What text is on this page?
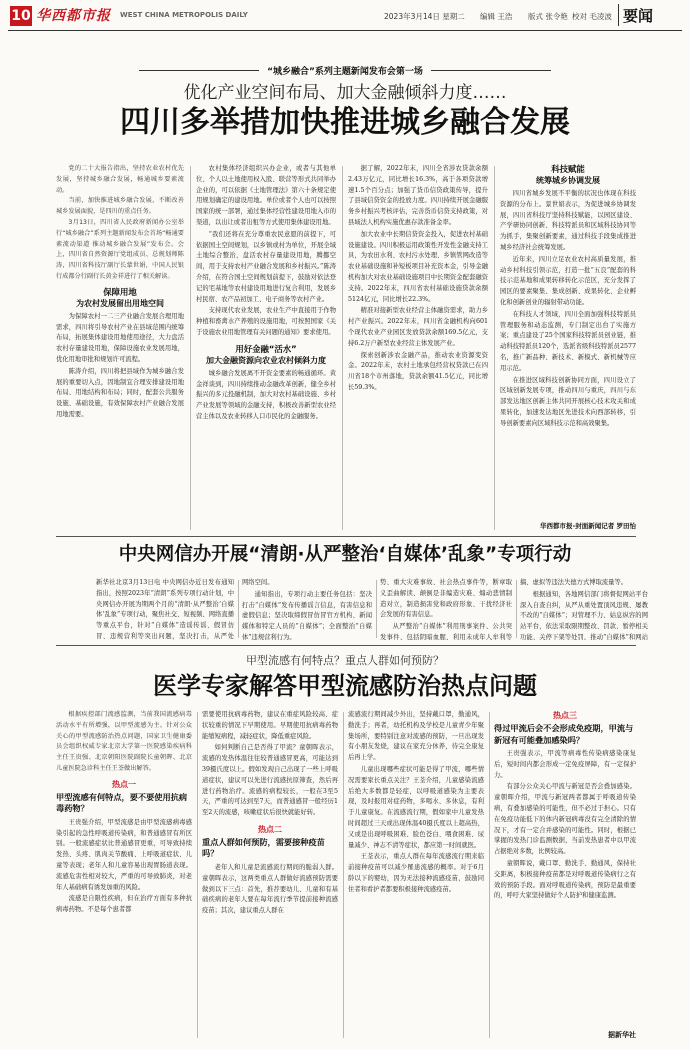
10 华西都市报 WEST CHINA METROPOLIS DAILY	2023年3月14日 星期二 编辑 王浩 版式 张令艳 校对 毛凌波 要闻
“城乡融合”系列主题新闻发布会第一场
优化产业空间布局、加大金融倾斜力度……
四川多举措加快推进城乡融合发展

党的二十大报告指出，坚持农业农村优先发展，坚持城乡融合发展，畅通城乡要素流动。

当前，加快推进城乡融合发展，不断改善城乡发展面貌，是四川的重点任务。

3月13日，四川省人民政府新闻办公室举行“城乡融合”系列主题新闻发布会首场“畅通要素流动渠道 推动城乡融合发展”发布会。会上，四川省自然资源厅党组成员、总规划师陈涛，四川省科技厅副厅长蒙世娟，中国人民银行成都分行副行长黄金祥进行了相关解读。

保障用地
为农村发展留出用地空间

为保障农村一二三产业融合发展合理用地需求，四川将引导农村产业在县域范围内统筹布局，拓展集体建设用地使用途径，大力盘活农村存量建设用地，保障设施农业发展用地，优化用地审批和规划许可流程。

陈涛介绍，四川将把县域作为城乡融合发展的重要切入点，因地制宜合理安排建设用地布局、用地结构和布局；同时，配套公共服务设施、基础设施，有效保障农村产业融合发展用地需要。

农村集体经济组织兴办企业，或者与其他单位、个人以土地使用权入股、联营等形式共同举办企业的，可以依据《土地管理法》第六十条规定使用规划确定的建设用地。单位或者个人也可以按照国家的统一部署，通过集体经营性建设用地入市的渠道，以出让或者出租等方式使用集体建设用地。

“我们还将在充分尊重农民意愿的前提下，可依据国土空间规划，以乡镇或村为单位，开展全域土地综合整治，盘活农村存量建设用地，腾挪空间，用于支持农村产业融合发展和乡村振兴。”陈涛介绍，在符合国土空间规划前提下，鼓励对依法登记的宅基地等农村建设用地进行复合利用，发展乡村民宿、农产品初加工、电子商务等农村产业。

支持现代农业发展，农业生产中直接用于作物种植和畜禽水产养殖的设施用地，可按照国家《关于设施农业用地管理有关问题的通知》要求使用。

用好金融“活水”
加大金融资源向农业农村倾斜力度

城乡融合发展离不开资金要素的畅通循环。黄金祥谈到，四川持续推动金融改革创新，健全乡村振兴的多元投融机制，加大对农村基础设施、乡村产业发展等领域的金融支持，积极改善新型农业经营主体以及农业转移人口市民化的金融服务。

据了解，2022年末，四川全省涉农贷款余额2.43万亿元，同比增长16.3%，高于各项贷款增速1.5个百分点；加强了货币信贷政策传导，提升了县域信贷资金的投放力度。四川持续开展金融服务乡村振兴考核评估，完善货币信贷支持政策，对县域法人机构实施优惠存款准备金率。

加大农业中长期信贷资金投入，促进农村基础设施建设。四川积极运用政策性开发性金融支持工具，为农田水利、农村污水处理、乡镇管网改造等农业基础设施和补短板项目补充资本金，引导金融机构加大对农业基础设施项目中长期资金配套融资支持。2022年末，四川省农村基础设施贷款余额5124亿元，同比增长22.3%。

精准对接新型农业经营主体融资需求，助力乡村产业振兴。2022年末，四川省金融机构向601个现代农业产业园区发放贷款余额169.5亿元，支持6.2万户新型农业经营主体发展产业。

探索创新涉农金融产品，推动农业资源变资金。2022年末，农村土地承包经营权贷款已在四川省18个市州落地，贷款余额41.5亿元，同比增长59.3%。

科技赋能
统筹城乡协调发展

四川省城乡发展不平衡的状况也体现在科技资源的分布上。景世娟表示，为促进城乡协调发展，四川省科技厅坚持科技赋能，以园区建设、产学研协同创新、科技特派员和区域科技协同等为抓手，集聚创新要素，通过科技手段集成推进城乡经济社会统筹发展。

近年来，四川立足农业农村高质量发展，推动乡村科技引领示范，打造一批“五良”配套的科技示范基地和成果转移转化示范区，充分发挥了园区的要素聚集、集成创新、成果转化、企业孵化和创新创业的辐射带动功能。

在科技人才领域，四川全面加强科技特派员管理服务和动态监测，专门制定出台了实施方案；重点建设了25个国家科技特派员创业链，推动科技特派员120个，选派省级科技特派员2577名，推广新品种、新技术、新模式、新机械等应用示范。

在推进区域科技创新协同方面，四川设立了区域创新发展专项，推动四川与重庆，四川与东部发达地区创新主体共同开展核心技术攻关和成果转化，加速发达地区先进技术向西部转移，引导创新要素向区域科技示范和高效聚集。

华西都市报-封面新闻记者 罗田怡
中央网信办开展“清朗·从严整治‘自媒体’乱象”专项行动

新华社北京3月13日电 中央网信办近日发布通知指出，按照2023年“清朗”系列专项行动计划，中央网信办开展为期两个月的“清朗·从严整治‘自媒体’乱象”专项行动，聚焦社交、短视频、网络直播等重点平台，针对“自媒体”造谣传谣、假冒仿冒、违规营利等突出问题，坚决打击，从严处

网络空间。

通知指出，专项行动主要任务包括：坚决打击“自媒体”发布传播谣言信息，有害信息和虚假信息；坚决取缔假冒仿冒官方机构、新闻媒体和特定人员的“自媒体”；全面整治“自媒体”违规营利行为。

势、重大灾难事故、社会热点事件等，断章取义歪曲解读、颠倒是非编造灾难、煽动悲情制造对立，制造损害党和政府形象、干扰经济社会发展的有害信息。

从严整治“自媒体”利用刑事案件、公共突发事件、包括阴暗血腥、利用未成年人牟利等

搞、虚拟等违法失德方式博取流量等。

根据通知，各地网信部门将督促网站平台深入自查自纠，从严从重处置顶风违规、屡教不改的“自媒体”；对管理不力、姑息纵容的网站平台，依法采取限期整改、罚款、暂停相关功能、关停下架等处罚，推动“自媒体”和网站

甲型流感有何特点？重点人群如何预防？
医学专家解答甲型流感防治热点问题

根据疾控部门流感监测，当前我国流感病毒活动水平有所增强，以甲型流感为主。针对公众关心的甲型流感防治热点问题，国家卫生健康委员会组织权威专家北京大学第一医院感染疾病科主任王贵强、北京朝阳医院副院长童朝晖、北京儿童医院急诊科主任王荃做出解答。

热点一
甲型流感有何特点，要不要使用抗病毒药物？

王贵强介绍，甲型流感是由甲型流感病毒感染引起的急性呼吸道传染病，和普通感冒有所区别。一般流感症状比普通感冒更重，可导致持续发热、头疼、肌肉关节酸痛、上呼吸道症状、儿童等表现；老年人和儿童容易出现胃肠道表现。流感危害性相对较大，严重的可导致肺炎，对老年人基础病有诱发加重的风险。

流感是自限性疾病，但在治疗方面有多种抗病毒药物。不是每个患者都

需要使用抗病毒药物，建议在重症风险较高、症状较重的情况下早期使用。早期使用抗病毒药物能缩短病程，减轻症状，降低重症风险。

如何判断自己是否得了甲流？童朝晖表示，流感的发热体温往往较普通感冒更高，可能达到39摄氏度以上。假如发现自己出现了一些上呼吸道症状，建议可以先进行流感抗原筛查，然后再进行药物治疗。流感的病程较长，一般在3至5天，严重的可达到至7天，而普通感冒一般经历1至2天的流感，咳嗽症状后很快就能好转。

热点二
重点人群如何预防，需要接种疫苗吗？

老年人和儿童是流感流行期间的脆弱人群。童朝晖表示，这两类重点人群做好流感预防需要做到以下三点：首先，推荐要幼儿、儿童和有基础疾病的老年人要在每年流行季节提前接种流感疫苗；其次，建议重点人群在

流感流行期间减少外出，坚持戴口罩，勤通风，勤洗手；再者，幼托机构及学校是儿童青少年聚集场所，要特别注意对流感的预防，一旦出现发有小朋友发烧，建议在家充分休养，待完全康复后再上学。

儿童出现哪些症状可能是得了甲流，哪些情况需要家长重点关注？王荃介绍，儿童感染流感后绝大多数都是轻症，以呼吸道感染为主要表现，及时报用对症药物，多喝水、多休息，有利于儿童康复。在流感流行期，假如家中儿童发热时间超过三天或出现体温40摄氏度以上超高热，又或是出现呼吸困难、脸色苍白、喂食困难、尿量减少、神志不清等症状，都应第一时间就医。

王荃表示，重点人群在每年流感流行期来临前接种疫苗可以减少罹患流感的概率。对于6月龄以下的婴幼，因为无法接种流感疫苗，鼓励同住者和看护者都要积极接种流感疫苗。

热点三
得过甲流后会不会形成免疫期，甲流与新冠有可能叠加感染吗？

王贵强表示，甲流等病毒性传染病感染康复后，短时间内都会形成一定免疫屏障，有一定保护力。

有部分公众关心甲流与新冠是否会叠加感染。童朝晖介绍，甲流与新冠两者都属于呼吸道传染病，有叠加感染的可能性，但不必过于担心。只有在免疫功能低下的体内新冠病毒没有完全清除的情况下，才有一定合并感染的可能性。同时，根据已掌握的发热门诊监测数据，当前发热患者中以甲流占据绝对多数，比例较高。

童朝晖说，戴口罩、勤洗手、勤通风，保持社交距离，积极接种疫苗都是对呼吸道传染病行之有效的预防手段。面对呼吸道传染病，预防是最重要的，呼吁大家坚持做好个人防护和健康监测。

据新华社
